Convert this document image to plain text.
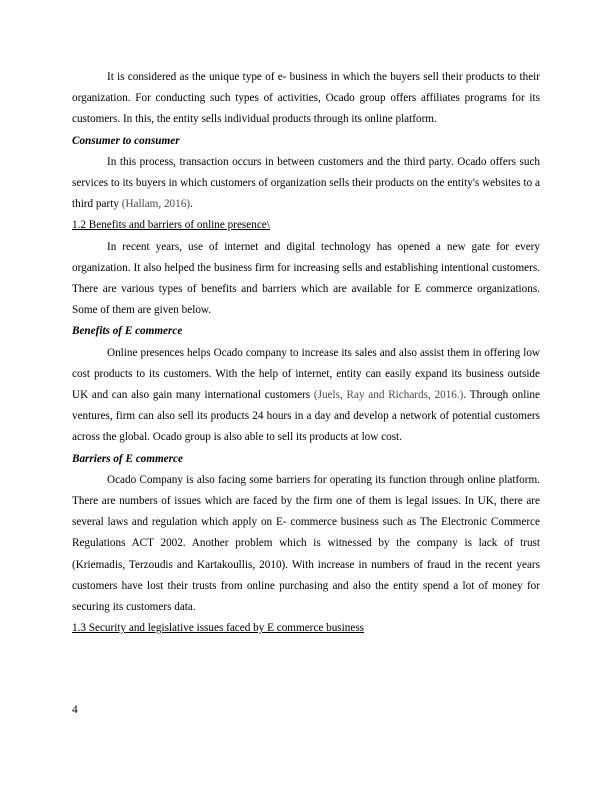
It is considered as the unique type of e- business in which the buyers sell their products to their organization. For conducting such types of activities, Ocado group offers affiliates programs for its customers. In this, the entity sells individual products through its online platform.

Consumer to consumer

In this process, transaction occurs in between customers and the third party. Ocado offers such services to its buyers in which customers of organization sells their products on the entity's websites to a third party (Hallam, 2016).

1.2 Benefits and barriers of online presence\

In recent years, use of internet and digital technology has opened a new gate for every organization. It also helped the business firm for increasing sells and establishing intentional customers. There are various types of benefits and barriers which are available for E commerce organizations. Some of them are given below.

Benefits of E commerce

Online presences helps Ocado company to increase its sales and also assist them in offering low cost products to its customers. With the help of internet, entity can easily expand its business outside UK and can also gain many international customers (Juels, Ray and Richards, 2016.). Through online ventures, firm can also sell its products 24 hours in a day and develop a network of potential customers across the global. Ocado group is also able to sell its products at low cost.

Barriers of E commerce

Ocado Company is also facing some barriers for operating its function through online platform. There are numbers of issues which are faced by the firm one of them is legal issues. In UK, there are several laws and regulation which apply on E- commerce business such as The Electronic Commerce Regulations ACT 2002. Another problem which is witnessed by the company is lack of trust (Kriemadis, Terzoudis and Kartakoullis, 2010). With increase in numbers of fraud in the recent years customers have lost their trusts from online purchasing and also the entity spend a lot of money for securing its customers data.

1.3 Security and legislative issues faced by E commerce business

4
